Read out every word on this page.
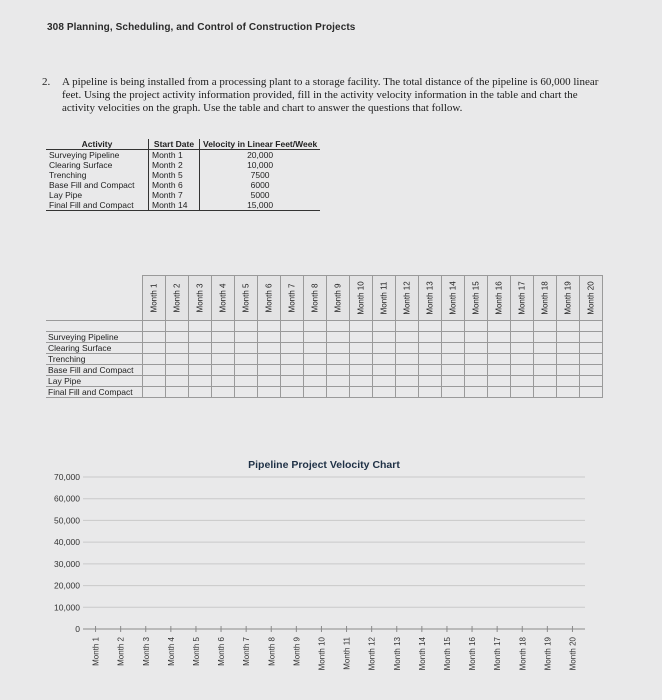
308 Planning, Scheduling, and Control of Construction Projects
2. A pipeline is being installed from a processing plant to a storage facility. The total distance of the pipeline is 60,000 linear feet. Using the project activity information provided, fill in the activity velocity information in the table and chart the activity velocities on the graph. Use the table and chart to answer the questions that follow.
Activity	Start Date	Velocity in Linear Feet/Week
Surveying Pipeline	Month 1	20,000
Clearing Surface	Month 2	10,000
Trenching	Month 5	7500
Base Fill and Compact	Month 6	6000
Lay Pipe	Month 7	5000
Final Fill and Compact	Month 14	15,000

	Month 1	Month 2	Month 3	Month 4	Month 5	Month 6	Month 7	Month 8	Month 9	Month 10	Month 11	Month 12	Month 13	Month 14	Month 15	Month 16	Month 17	Month 18	Month 19	Month 20

Surveying Pipeline																				
Clearing Surface																				
Trenching																				
Base Fill and Compact																				
Lay Pipe																				
Final Fill and Compact																				
Pipeline Project Velocity Chart
0
10,000
20,000
30,000
40,000
50,000
60,000
70,000
Month 1 Month 2 Month 3 Month 4 Month 5 Month 6 Month 7 Month 8 Month 9 Month 10 Month 11 Month 12 Month 13 Month 14 Month 15 Month 16 Month 17 Month 18 Month 19 Month 20
